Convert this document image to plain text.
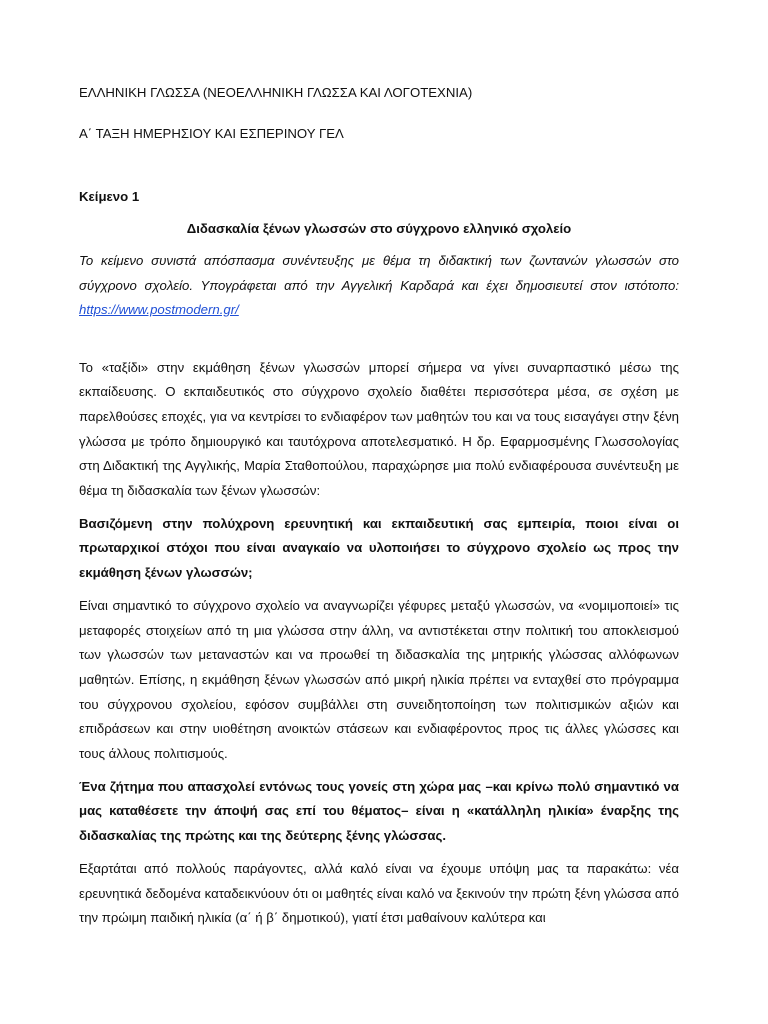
ΕΛΛΗΝΙΚΗ ΓΛΩΣΣΑ (ΝΕΟΕΛΛΗΝΙΚΗ ΓΛΩΣΣΑ ΚΑΙ ΛΟΓΟΤΕΧΝΙΑ)

Α΄ ΤΑΞΗ ΗΜΕΡΗΣΙΟΥ ΚΑΙ ΕΣΠΕΡΙΝΟΥ ΓΕΛ

Κείμενο 1

Διδασκαλία ξένων γλωσσών στο σύγχρονο ελληνικό σχολείο

Το κείμενο συνιστά απόσπασμα συνέντευξης με θέμα τη διδακτική των ζωντανών γλωσσών στο σύγχρονο σχολείο. Υπογράφεται από την Αγγελική Καρδαρά και έχει δημοσιευτεί στον ιστότοπο: https://www.postmodern.gr/

Το «ταξίδι» στην εκμάθηση ξένων γλωσσών μπορεί σήμερα να γίνει συναρπαστικό μέσω της εκπαίδευσης. Ο εκπαιδευτικός στο σύγχρονο σχολείο διαθέτει περισσότερα μέσα, σε σχέση με παρελθούσες εποχές, για να κεντρίσει το ενδιαφέρον των μαθητών του και να τους εισαγάγει στην ξένη γλώσσα με τρόπο δημιουργικό και ταυτόχρονα αποτελεσματικό. Η δρ. Εφαρμοσμένης Γλωσσολογίας στη Διδακτική της Αγγλικής, Μαρία Σταθοπούλου, παραχώρησε μια πολύ ενδιαφέρουσα συνέντευξη με θέμα τη διδασκαλία των ξένων γλωσσών:

Βασιζόμενη στην πολύχρονη ερευνητική και εκπαιδευτική σας εμπειρία, ποιοι είναι οι πρωταρχικοί στόχοι που είναι αναγκαίο να υλοποιήσει το σύγχρονο σχολείο ως προς την εκμάθηση ξένων γλωσσών;

Είναι σημαντικό το σύγχρονο σχολείο να αναγνωρίζει γέφυρες μεταξύ γλωσσών, να «νομιμοποιεί» τις μεταφορές στοιχείων από τη μια γλώσσα στην άλλη, να αντιστέκεται στην πολιτική του αποκλεισμού των γλωσσών των μεταναστών και να προωθεί τη διδασκαλία της μητρικής γλώσσας αλλόφωνων μαθητών. Επίσης, η εκμάθηση ξένων γλωσσών από μικρή ηλικία πρέπει να ενταχθεί στο πρόγραμμα του σύγχρονου σχολείου, εφόσον συμβάλλει στη συνειδητοποίηση των πολιτισμικών αξιών και επιδράσεων και στην υιοθέτηση ανοικτών στάσεων και ενδιαφέροντος προς τις άλλες γλώσσες και τους άλλους πολιτισμούς.

Ένα ζήτημα που απασχολεί εντόνως τους γονείς στη χώρα μας –και κρίνω πολύ σημαντικό να μας καταθέσετε την άποψή σας επί του θέματος– είναι η «κατάλληλη ηλικία» έναρξης της διδασκαλίας της πρώτης και της δεύτερης ξένης γλώσσας.

Εξαρτάται από πολλούς παράγοντες, αλλά καλό είναι να έχουμε υπόψη μας τα παρακάτω: νέα ερευνητικά δεδομένα καταδεικνύουν ότι οι μαθητές είναι καλό να ξεκινούν την πρώτη ξένη γλώσσα από την πρώιμη παιδική ηλικία (α΄ ή β΄ δημοτικού), γιατί έτσι μαθαίνουν καλύτερα και
